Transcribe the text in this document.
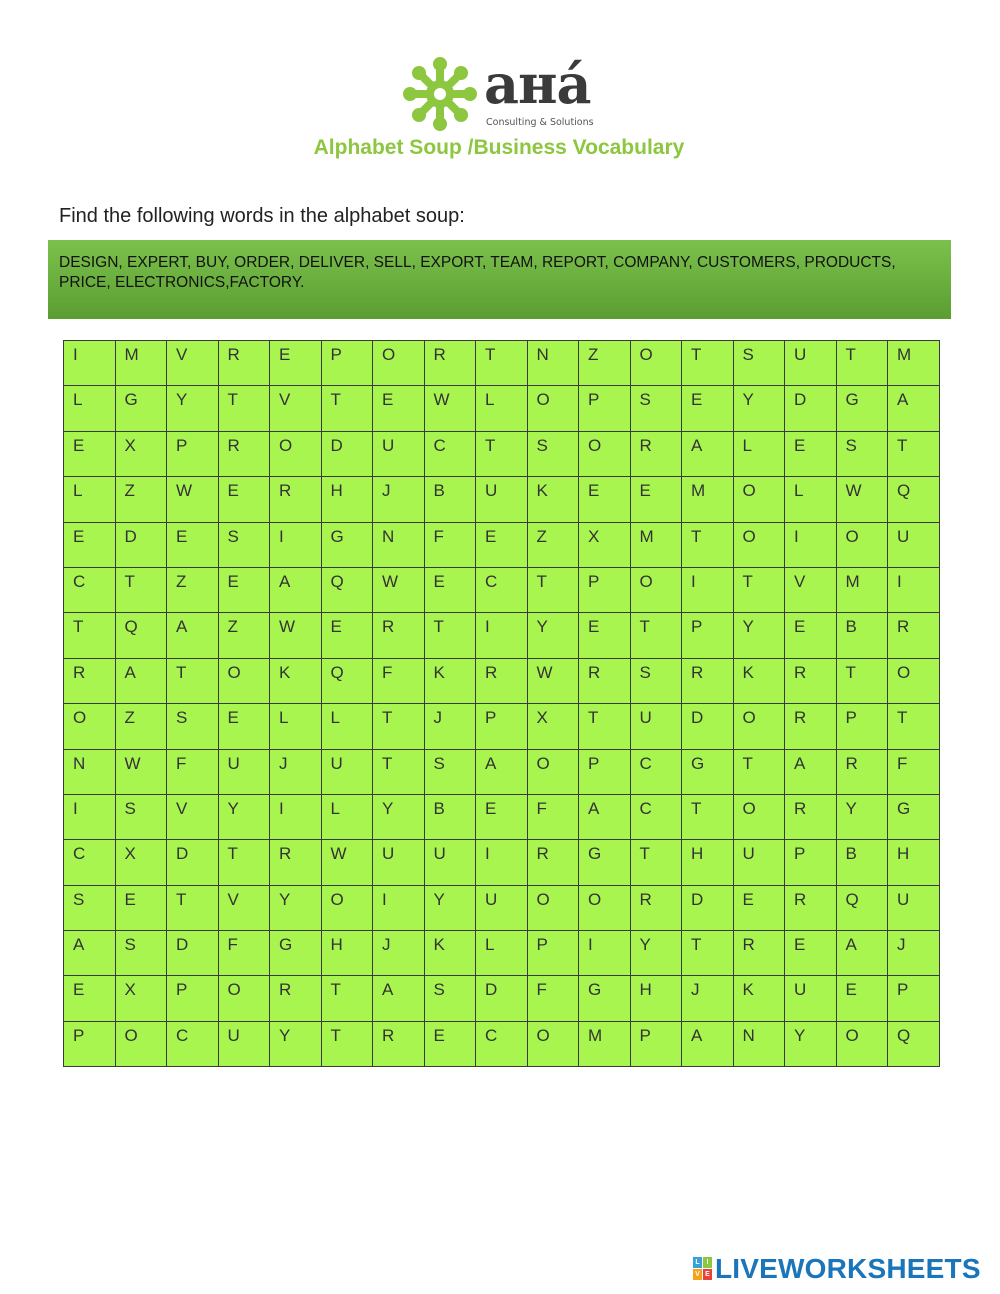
aнá
Consulting & Solutions
Alphabet Soup /Business Vocabulary
Find the following words in the alphabet soup:
DESIGN, EXPERT, BUY, ORDER, DELIVER, SELL, EXPORT, TEAM, REPORT, COMPANY, CUSTOMERS, PRODUCTS, PRICE, ELECTRONICS,FACTORY.
I	M	V	R	E	P	O	R	T	N	Z	O	T	S	U	T	M
L	G	Y	T	V	T	E	W	L	O	P	S	E	Y	D	G	A
E	X	P	R	O	D	U	C	T	S	O	R	A	L	E	S	T
L	Z	W	E	R	H	J	B	U	K	E	E	M	O	L	W	Q
E	D	E	S	I	G	N	F	E	Z	X	M	T	O	I	O	U
C	T	Z	E	A	Q	W	E	C	T	P	O	I	T	V	M	I
T	Q	A	Z	W	E	R	T	I	Y	E	T	P	Y	E	B	R
R	A	T	O	K	Q	F	K	R	W	R	S	R	K	R	T	O
O	Z	S	E	L	L	T	J	P	X	T	U	D	O	R	P	T
N	W	F	U	J	U	T	S	A	O	P	C	G	T	A	R	F
I	S	V	Y	I	L	Y	B	E	F	A	C	T	O	R	Y	G
C	X	D	T	R	W	U	U	I	R	G	T	H	U	P	B	H
S	E	T	V	Y	O	I	Y	U	O	O	R	D	E	R	Q	U
A	S	D	F	G	H	J	K	L	P	I	Y	T	R	E	A	J
E	X	P	O	R	T	A	S	D	F	G	H	J	K	U	E	P
P	O	C	U	Y	T	R	E	C	O	M	P	A	N	Y	O	Q
L I
V E LIVEWORKSHEETS
